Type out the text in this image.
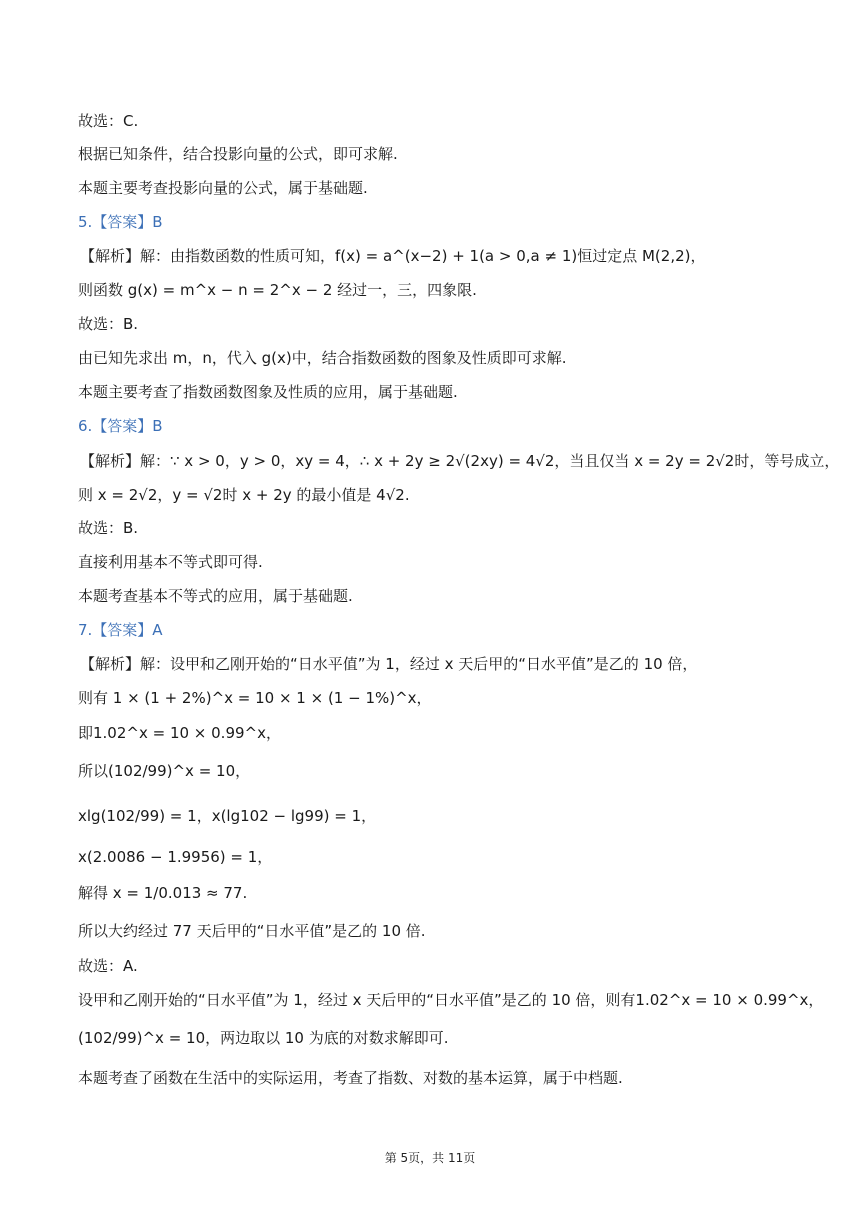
故选：C.
根据已知条件，结合投影向量的公式，即可求解.
本题主要考查投影向量的公式，属于基础题.
5.【答案】B
【解析】解：由指数函数的性质可知，f(x) = a^(x−2) + 1(a > 0,a ≠ 1)恒过定点 M(2,2)，
则函数 g(x) = m^x − n = 2^x − 2 经过一，三，四象限.
故选：B.
由已知先求出 m，n，代入 g(x)中，结合指数函数的图象及性质即可求解.
本题主要考查了指数函数图象及性质的应用，属于基础题.
6.【答案】B
【解析】解：∵ x > 0，y > 0，xy = 4，∴ x + 2y ≥ 2√(2xy) = 4√2，当且仅当 x = 2y = 2√2时，等号成立，
则 x = 2√2，y = √2时 x + 2y 的最小值是 4√2.
故选：B.
直接利用基本不等式即可得.
本题考查基本不等式的应用，属于基础题.
7.【答案】A
【解析】解：设甲和乙刚开始的“日水平值”为 1，经过 x 天后甲的“日水平值”是乙的 10 倍，
则有 1 × (1 + 2%)^x = 10 × 1 × (1 − 1%)^x，
即1.02^x = 10 × 0.99^x，
所以(102/99)^x = 10，
xlg(102/99) = 1，x(lg102 − lg99) = 1，
x(2.0086 − 1.9956) = 1，
解得 x = 1/0.013 ≈ 77.
所以大约经过 77 天后甲的“日水平值”是乙的 10 倍.
故选：A.
设甲和乙刚开始的“日水平值”为 1，经过 x 天后甲的“日水平值”是乙的 10 倍，则有1.02^x = 10 × 0.99^x，
(102/99)^x = 10，两边取以 10 为底的对数求解即可.
本题考查了函数在生活中的实际运用，考查了指数、对数的基本运算，属于中档题.
第 5页，共 11页
